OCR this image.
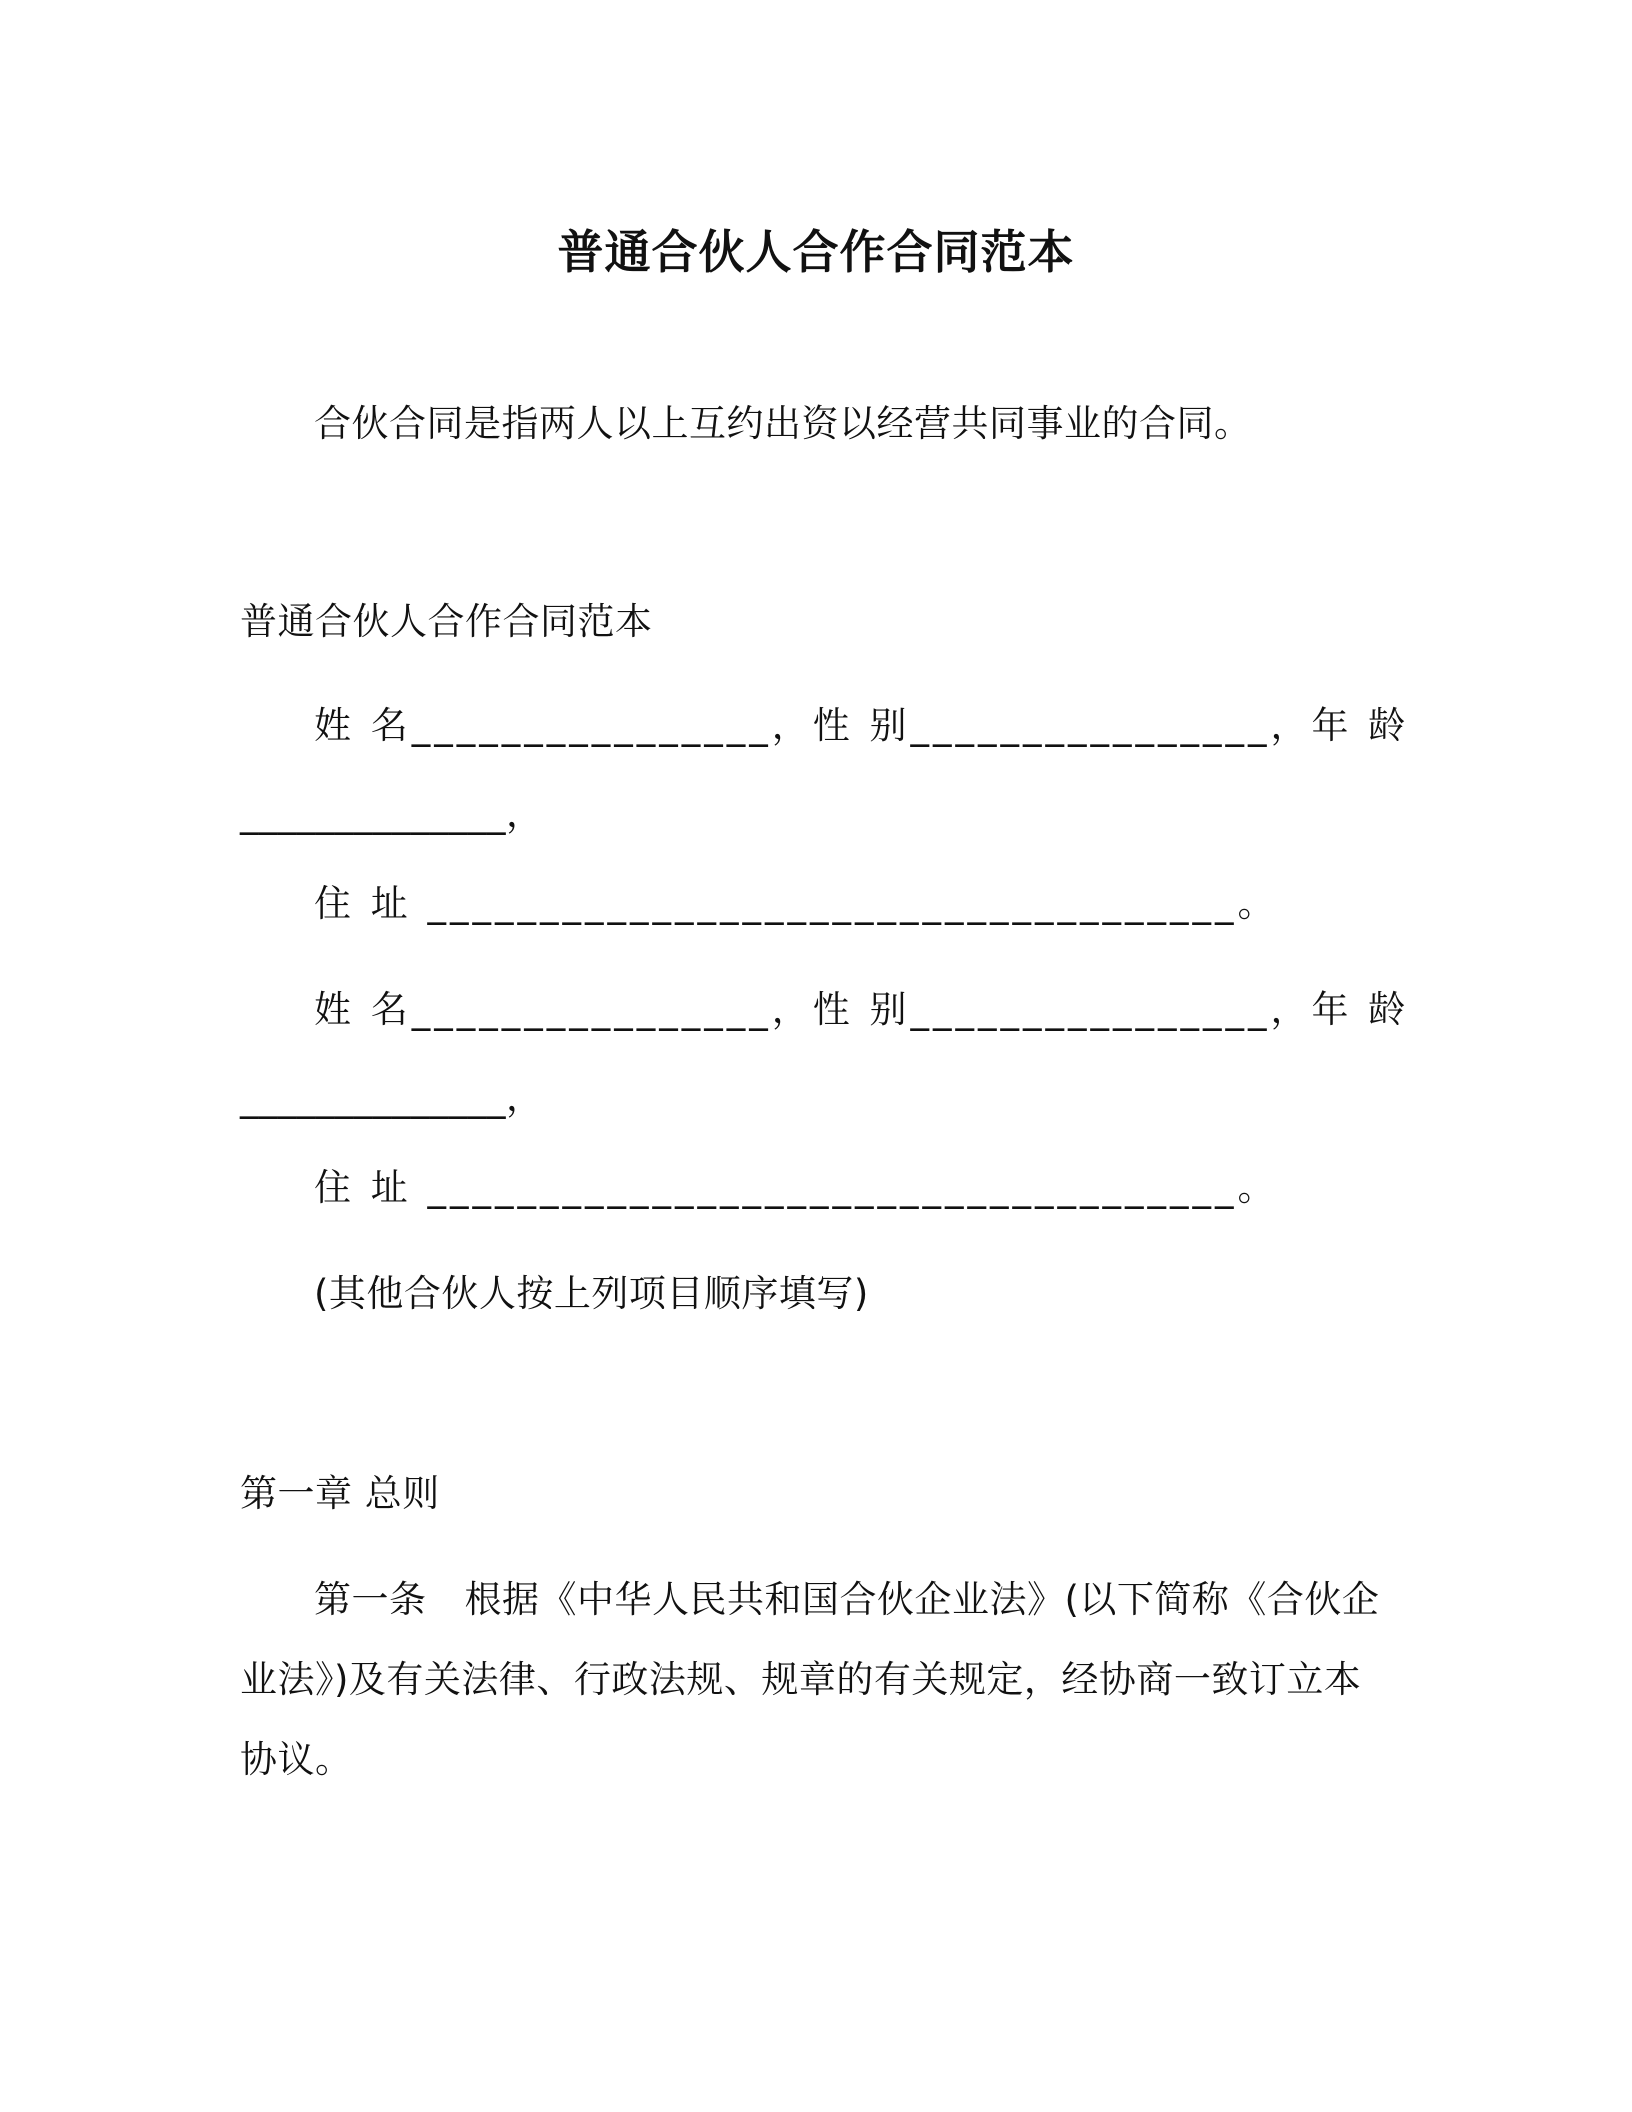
普通合伙人合作合同范本
合伙合同是指两人以上互约出资以经营共同事业的合同。
普通合伙人合作合同范本
姓 名________________，性 别________________，年 龄
______________，
住 址 ____________________________________。
姓 名________________，性 别________________，年 龄
______________，
住 址 ____________________________________。
(其他合伙人按上列项目顺序填写)
第一章 总则
第一条 根据《中华人民共和国合伙企业法》(以下简称《合伙企
业法》)及有关法律、行政法规、规章的有关规定，经协商一致订立本
协议。
